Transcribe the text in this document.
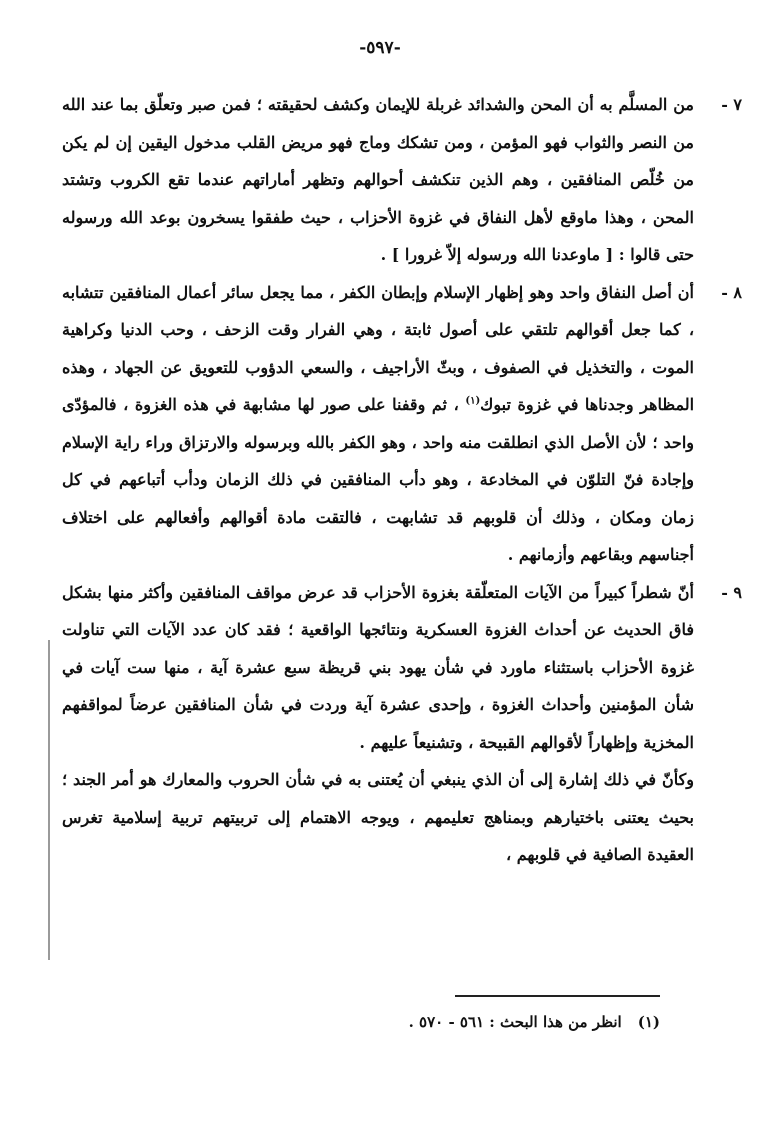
-٥٩٧-
٧ -

من المسلَّم به أن المحن والشدائد غربلة للإيمان وكشف لحقيقته ؛ فمن صبر وتعلّق بما عند الله من النصر والثواب فهو المؤمن ، ومن تشكك وماج فهو مريض القلب مدخول اليقين إن لم يكن من خُلّص المنافقين ، وهم الذين تنكشف أحوالهم وتظهر أماراتهم عندما تقع الكروب وتشتد المحن ، وهذا ماوقع لأهل النفاق في غزوة الأحزاب ، حيث طفقوا يسخرون بوعد الله ورسوله حتى قالوا : [ ماوعدنا الله ورسوله إلاّ غرورا ] .

٨ -

أن أصل النفاق واحد وهو إظهار الإسلام وإبطان الكفر ، مما يجعل سائر أعمال المنافقين تتشابه ، كما جعل أقوالهم تلتقي على أصول ثابتة ، وهي الفرار وقت الزحف ، وحب الدنيا وكراهية الموت ، والتخذيل في الصفوف ، وبثّ الأراجيف ، والسعي الدؤوب للتعويق عن الجهاد ، وهذه المظاهر وجدناها في غزوة تبوك$^{(١)}$ ، ثم وقفنا على صور لها مشابهة في هذه الغزوة ، فالمؤدّى واحد ؛ لأن الأصل الذي انطلقت منه واحد ، وهو الكفر بالله وبرسوله والارتزاق وراء راية الإسلام وإجادة فنّ التلوّن في المخادعة ، وهو دأب المنافقين في ذلك الزمان ودأب أتباعهم في كل زمان ومكان ، وذلك أن قلوبهم قد تشابهت ، فالتقت مادة أقوالهم وأفعالهم على اختلاف أجناسهم وبقاعهم وأزمانهم .

٩ -

أنّ شطراً كبيراً من الآيات المتعلّقة بغزوة الأحزاب قد عرض مواقف المنافقين وأكثر منها بشكل فاق الحديث عن أحداث الغزوة العسكرية ونتائجها الواقعية ؛ فقد كان عدد الآيات التي تناولت غزوة الأحزاب باستثناء ماورد في شأن يهود بني قريظة سبع عشرة آية ، منها ست آيات في شأن المؤمنين وأحداث الغزوة ، وإحدى عشرة آية وردت في شأن المنافقين عرضاً لمواقفهم المخزية وإظهاراً لأقوالهم القبيحة ، وتشنيعاً عليهم .

وكأنّ في ذلك إشارة إلى أن الذي ينبغي أن يُعتنى به في شأن الحروب والمعارك هو أمر الجند ؛ بحيث يعتنى باختيارهم وبمناهج تعليمهم ، ويوجه الاهتمام إلى تربيتهم تربية إسلامية تغرس العقيدة الصافية في قلوبهم ،

(١)انظر من هذا البحث : ٥٦١ - ٥٧٠ .
